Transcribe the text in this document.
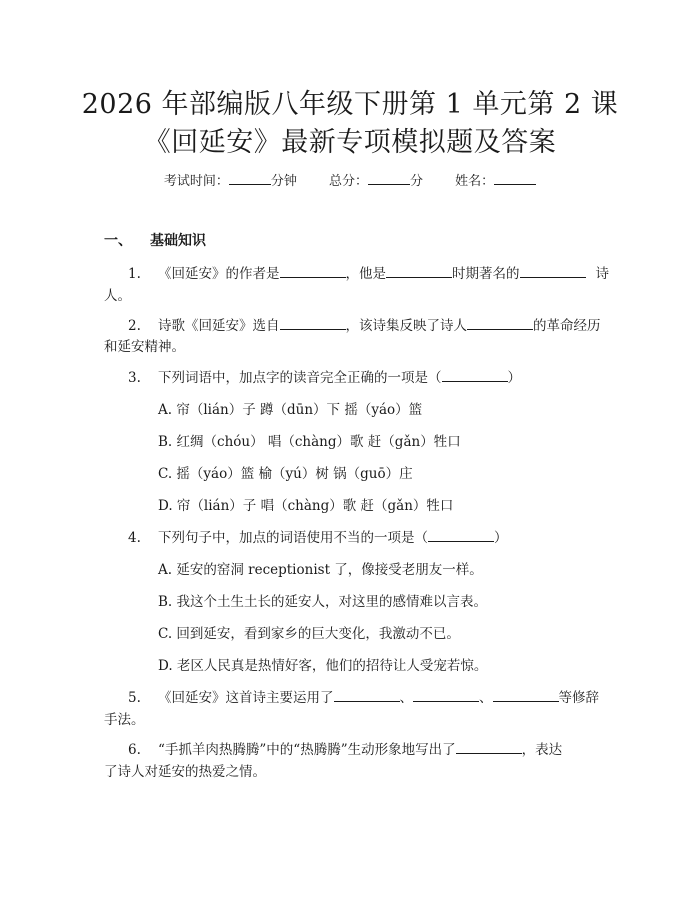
2026 年部编版八年级下册第 1 单元第 2 课
《回延安》最新专项模拟题及答案
考试时间：	分钟 总分：	分 姓名：
一、 基础知识
1. 《回延安》的作者是	，他是	时期著名的	诗
人。
2. 诗歌《回延安》选自	，该诗集反映了诗人	的革命经历
和延安精神。
3. 下列词语中，加点字的读音完全正确的一项是（	）
A. 帘（lián）子 蹲（dūn）下 摇（yáo）篮
B. 红绸（chóu） 唱（chàng）歌 赶（gǎn）牲口
C. 摇（yáo）篮 榆（yú）树 锅（guō）庄
D. 帘（lián）子 唱（chàng）歌 赶（gǎn）牲口
4. 下列句子中，加点的词语使用不当的一项是（	）
A. 延安的窑洞 receptionist 了，像接受老朋友一样。
B. 我这个土生土长的延安人，对这里的感情难以言表。
C. 回到延安，看到家乡的巨大变化，我激动不已。
D. 老区人民真是热情好客，他们的招待让人受宠若惊。
5. 《回延安》这首诗主要运用了	、	、	等修辞
手法。
6. “手抓羊肉热腾腾”中的“热腾腾”生动形象地写出了	，表达
了诗人对延安的热爱之情。
